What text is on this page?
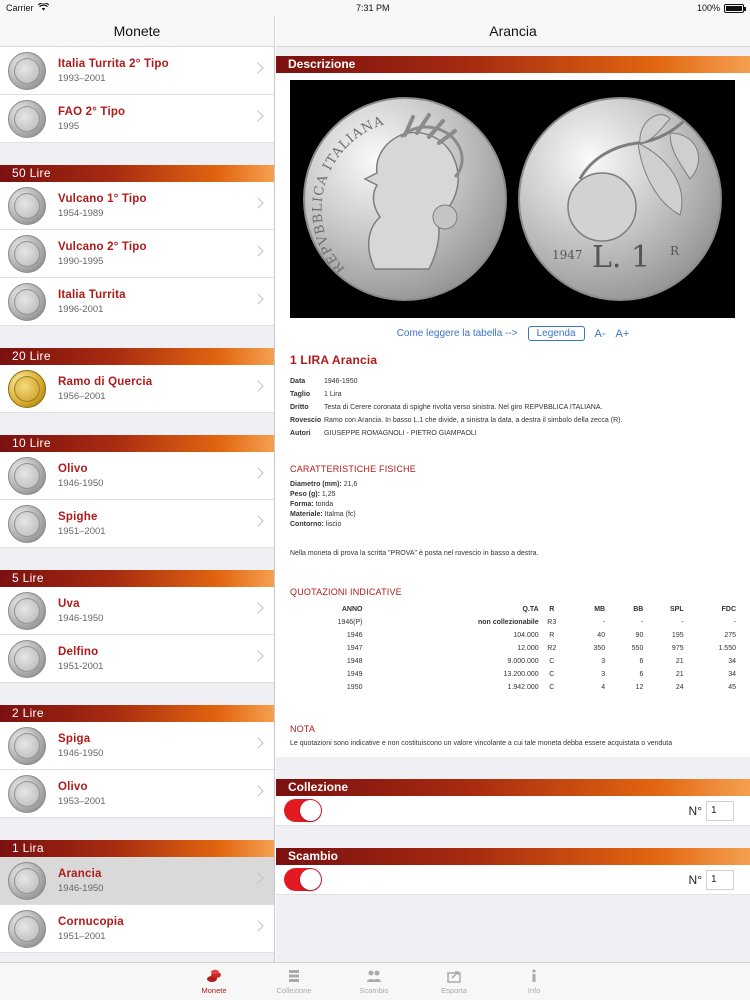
Carrier	7:31 PM	100%
Monete	Arancia
Italia Turrita 2° Tipo
1993–2001
FAO 2° Tipo
1995
50 Lire
Vulcano 1° Tipo
1954-1989
Vulcano 2° Tipo
1990-1995
Italia Turrita
1996-2001
20 Lire
Ramo di Quercia
1956–2001
10 Lire
Olivo
1946-1950
Spighe
1951–2001
5 Lire
Uva
1946-1950
Delfino
1951-2001
2 Lire
Spiga
1946-1950
Olivo
1953–2001
1 Lira
Arancia
1946-1950
Cornucopia
1951–2001
Descrizione
REPVBBLICA ITALIANA
1947 L. 1 R
Come leggere la tabella -->	Legenda	A- A+
1 LIRA Arancia
Data	1946-1950
Taglio	1 Lira
Dritto	Testa di Cerere coronata di spighe rivolta verso sinistra. Nel giro REPVBBLICA ITALIANA.
Rovescio Ramo con Arancia. In basso L.1 che divide, a sinistra la data, a destra il simbolo della zecca (R).
Autori	GIUSEPPE ROMAGNOLI - PIETRO GIAMPAOLI
CARATTERISTICHE FISICHE
Diametro (mm): 21,6
Peso (g): 1,25
Forma: tonda
Materiale: Italma (fc)
Contorno: liscio
Nella moneta di prova la scritta "PROVA" è posta nel rovescio in basso a destra.
QUOTAZIONI INDICATIVE
ANNO	Q.TA	R	MB	BB	SPL	FDC
1946(P)	non collezionabile	R3	-	-	-	-
1946	104.000	R	40	90	195	275
1947	12.000	R2	350	550	975	1.550
1948	9.000.000	C	3	6	21	34
1949	13.200.000	C	3	6	21	34
1950	1.942.000	C	4	12	24	45
NOTA
Le quotazioni sono indicative e non costituiscono un valore vincolante a cui tale moneta debba essere acquistata o venduta
Collezione
N°
1
Scambio
N°
1
Monete	Collezione	Scambio	Esporta	Info
